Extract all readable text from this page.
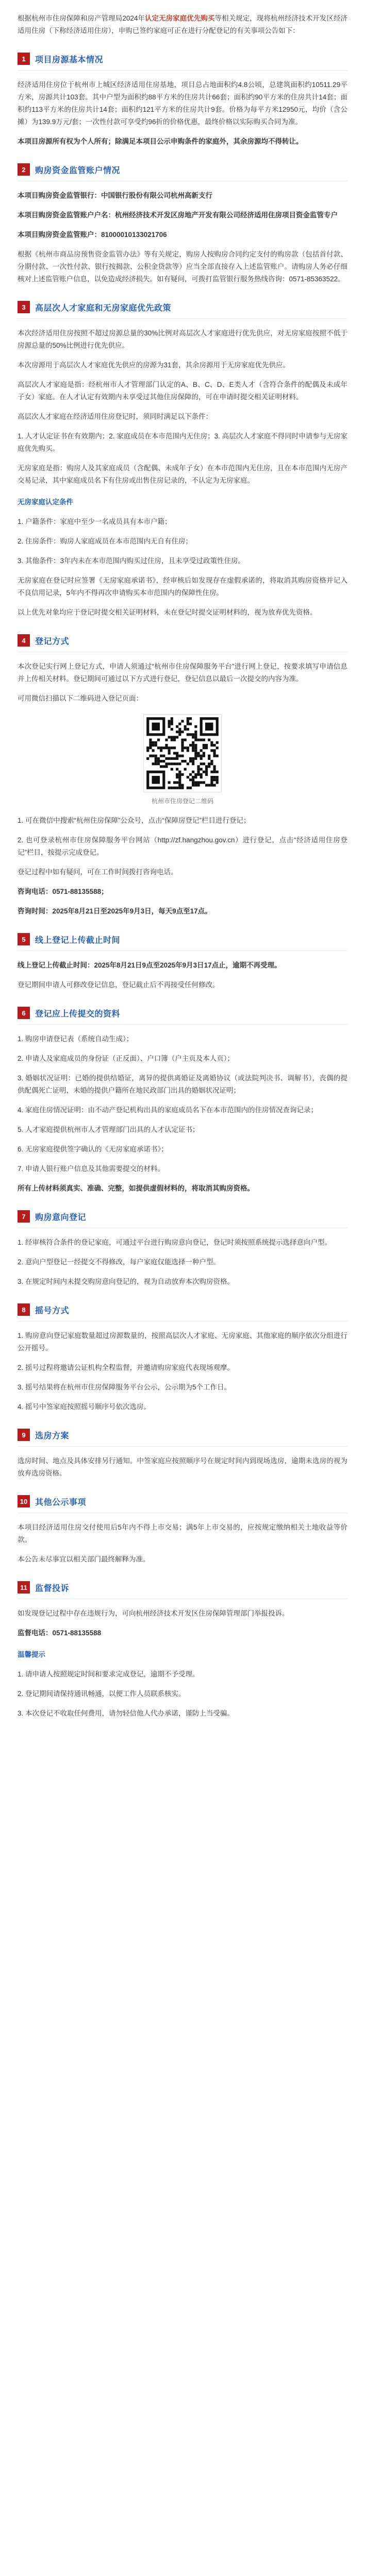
根据杭州市住房保障和房产管理局2024年认定无房家庭优先购买等相关规定，现将杭州经济技术开发区经济适用住房（下称经济适用住房），申购已签约家庭可正在进行分配登记的有关事项公告如下：

1	项目房源基本情况

经济适用住房位于杭州市上城区经济适用住房基地，项目总占地面积约4.8公顷，总建筑面积约10511.29平方米，房源共计103套。其中户型为面积约88平方米的住房共计66套；面积约90平方米的住房共计14套；面积约113平方米的住房共计14套；面积约121平方米的住房共计9套。价格为每平方米12950元，均价（含公摊）为139.9万元/套；一次性付款可享受约96折的价格优惠，最终价格以实际购买合同为准。

本项目房源所有权为个人所有；除满足本项目公示申购条件的家庭外，其余房源均不得转让。

2	购房资金监管账户情况

本项目购房资金监管银行：中国银行股份有限公司杭州高新支行

本项目购房资金监管账户户名：杭州经济技术开发区房地产开发有限公司经济适用住房项目资金监管专户

本项目购房资金监管账户：81000010133021706

根据《杭州市商品房预售资金监管办法》等有关规定，购房人按购房合同约定支付的购房款（包括首付款、分期付款、一次性付款、银行按揭款、公积金贷款等）应当全部直接存入上述监管账户。请购房人务必仔细核对上述监管账户信息，以免造成经济损失。如有疑问，可拨打监管银行服务热线咨询：0571-85363522。

3	高层次人才家庭和无房家庭优先政策

本次经济适用住房按照不超过房源总量的30%比例对高层次人才家庭进行优先供应，对无房家庭按照不低于房源总量的50%比例进行优先供应。

本次房源用于高层次人才家庭优先供应的房源为31套，其余房源用于无房家庭优先供应。

高层次人才家庭是指：经杭州市人才管理部门认定的A、B、C、D、E类人才（含符合条件的配偶及未成年子女）家庭。在人才认定有效期内未享受过其他住房保障的，可在申请时提交相关证明材料。

高层次人才家庭在经济适用住房登记时，须同时满足以下条件：

1. 人才认定证书在有效期内；2. 家庭成员在本市范围内无住房；3. 高层次人才家庭不得同时申请参与无房家庭优先购买。

无房家庭是指：购房人及其家庭成员（含配偶、未成年子女）在本市范围内无住房，且在本市范围内无房产交易记录，其中家庭成员名下有住房或出售住房记录的，不认定为无房家庭。

无房家庭认定条件

1. 户籍条件：家庭中至少一名成员具有本市户籍；

2. 住房条件：购房人家庭成员在本市范围内无自有住房；

3. 其他条件：3年内未在本市范围内购买过住房，且未享受过政策性住房。

无房家庭在登记时应签署《无房家庭承诺书》，经审核后如发现存在虚假承诺的，将取消其购房资格并记入不良信用记录，5年内不得再次申请购买本市范围内的保障性住房。

以上优先对象均应于登记时提交相关证明材料，未在登记时提交证明材料的，视为放弃优先资格。

4	登记方式

本次登记实行网上登记方式，申请人须通过“杭州市住房保障服务平台”进行网上登记，按要求填写申请信息并上传相关材料。登记期间可通过以下方式进行登记，登记信息以最后一次提交的内容为准。

可用微信扫描以下二维码进入登记页面：

杭州市住房登记二维码

1. 可在微信中搜索“杭州住房保障”公众号，点击“保障房登记”栏目进行登记；

2. 也可登录杭州市住房保障服务平台网站（http://zf.hangzhou.gov.cn）进行登记，点击“经济适用住房登记”栏目，按提示完成登记。

登记过程中如有疑问，可在工作时间拨打咨询电话。

咨询电话：0571-88135588；

咨询时间：2025年8月21日至2025年9月3日，每天9点至17点。

5	线上登记上传截止时间

线上登记上传截止时间：2025年8月21日9点至2025年9月3日17点止，逾期不再受理。

登记期间申请人可修改登记信息，登记截止后不再接受任何修改。

6	登记应上传提交的资料

1. 购房申请登记表（系统自动生成）；

2. 申请人及家庭成员的身份证（正反面）、户口簿（户主页及本人页）；

3. 婚姻状况证明：已婚的提供结婚证，离异的提供离婚证及离婚协议（或法院判决书、调解书），丧偶的提供配偶死亡证明，未婚的提供户籍所在地民政部门出具的婚姻状况证明；

4. 家庭住房情况证明：由不动产登记机构出具的家庭成员名下在本市范围内的住房情况查询记录；

5. 人才家庭提供杭州市人才管理部门出具的人才认定证书；

6. 无房家庭提供签字确认的《无房家庭承诺书》；

7. 申请人银行账户信息及其他需要提交的材料。

所有上传材料须真实、准确、完整，如提供虚假材料的，将取消其购房资格。

7	购房意向登记

1. 经审核符合条件的登记家庭，可通过平台进行购房意向登记，登记时须按照系统提示选择意向户型。

2. 意向户型登记一经提交不得修改，每户家庭仅能选择一种户型。

3. 在规定时间内未提交购房意向登记的，视为自动放弃本次购房资格。

8	摇号方式

1. 购房意向登记家庭数量超过房源数量的，按照高层次人才家庭、无房家庭、其他家庭的顺序依次分组进行公开摇号。

2. 摇号过程将邀请公证机构全程监督，并邀请购房家庭代表现场观摩。

3. 摇号结果将在杭州市住房保障服务平台公示，公示期为5个工作日。

4. 摇号中签家庭按照摇号顺序号依次选房。

9	选房方案

选房时间、地点及具体安排另行通知。中签家庭应按照顺序号在规定时间内到现场选房，逾期未选房的视为放弃选房资格。

10 其他公示事项

本项目经济适用住房交付使用后5年内不得上市交易；满5年上市交易的，应按规定缴纳相关土地收益等价款。

本公告未尽事宜以相关部门最终解释为准。

11 监督投诉

如发现登记过程中存在违规行为，可向杭州经济技术开发区住房保障管理部门举报投诉。

监督电话：0571-88135588

温馨提示

1. 请申请人按照规定时间和要求完成登记，逾期不予受理。

2. 登记期间请保持通讯畅通，以便工作人员联系核实。

3. 本次登记不收取任何费用，请勿轻信他人代办承诺，谨防上当受骗。
